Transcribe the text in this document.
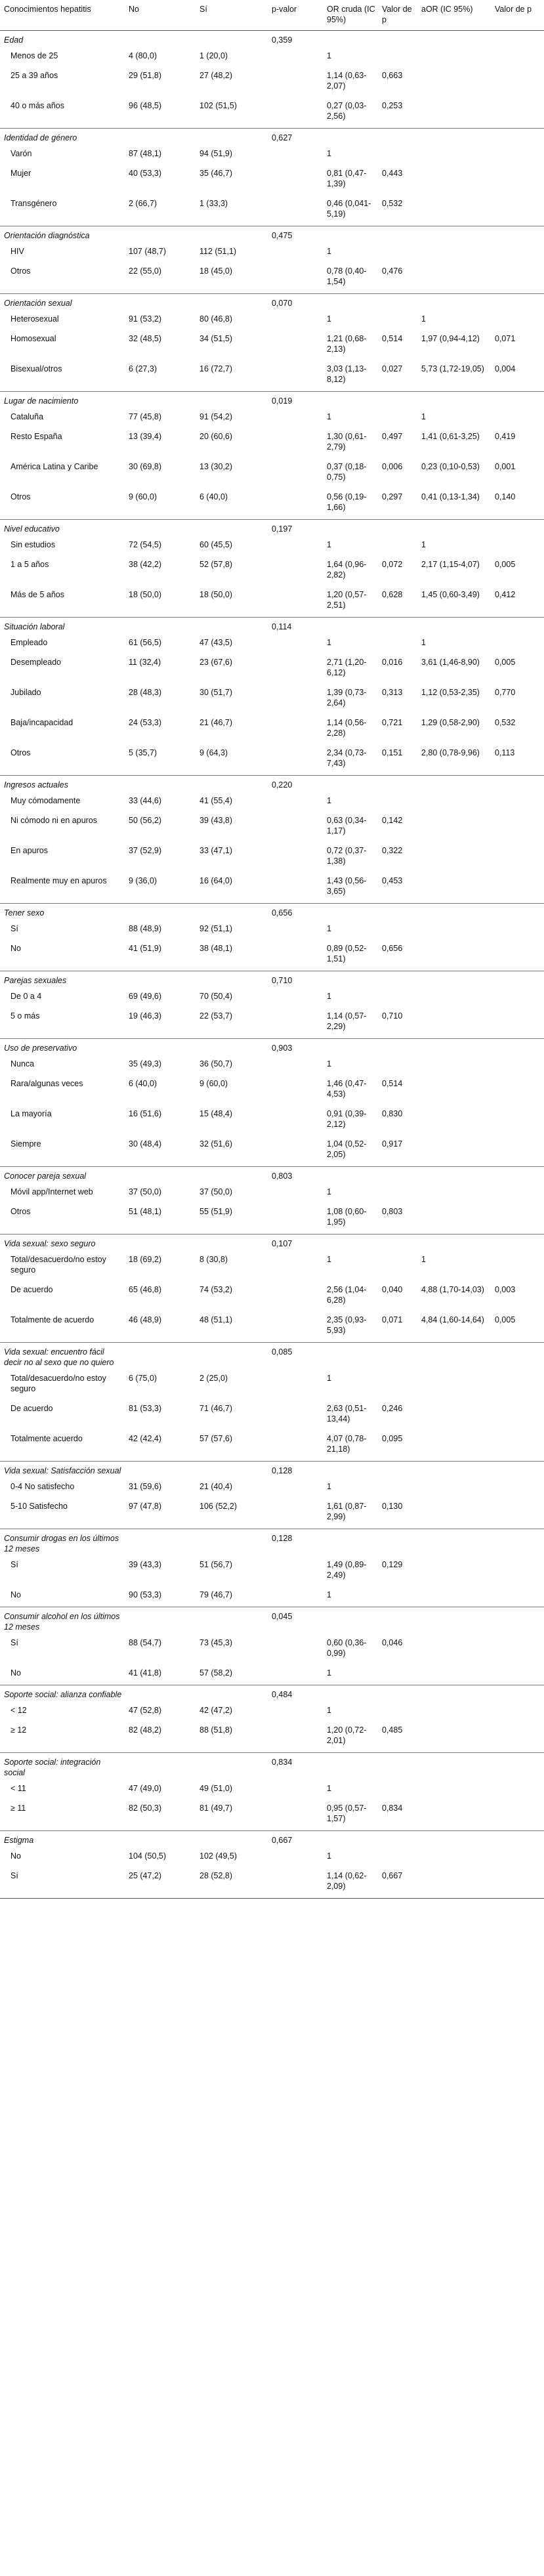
Conocimientos hepatitis	No	Sí	p-valor	OR cruda (IC 95%)	Valor de p	aOR (IC 95%)	Valor de p
Edad			0,359				
Menos de 25	4 (80,0)	1 (20,0)		1			
25 a 39 años	29 (51,8)	27 (48,2)		1,14 (0,63-2,07)	0,663		
40 o más años	96 (48,5)	102 (51,5)		0,27 (0,03-2,56)	0,253		
Identidad de género			0,627				
Varón	87 (48,1)	94 (51,9)		1			
Mujer	40 (53,3)	35 (46,7)		0,81 (0,47-1,39)	0,443		
Transgénero	2 (66,7)	1 (33,3)		0,46 (0,041-5,19)	0,532		
Orientación diagnóstica			0,475				
HIV	107 (48,7)	112 (51,1)		1			
Otros	22 (55,0)	18 (45,0)		0,78 (0,40-1,54)	0,476		
Orientación sexual			0,070				
Heterosexual	91 (53,2)	80 (46,8)		1		1	
Homosexual	32 (48,5)	34 (51,5)		1,21 (0,68-2,13)	0,514	1,97 (0,94-4,12)	0,071
Bisexual/otros	6 (27,3)	16 (72,7)		3,03 (1,13-8,12)	0,027	5,73 (1,72-19,05)	0,004
Lugar de nacimiento			0,019				
Cataluña	77 (45,8)	91 (54,2)		1		1	
Resto España	13 (39,4)	20 (60,6)		1,30 (0,61-2,79)	0,497	1,41 (0,61-3,25)	0,419
América Latina y Caribe	30 (69,8)	13 (30,2)		0,37 (0,18-0,75)	0,006	0,23 (0,10-0,53)	0,001
Otros	9 (60,0)	6 (40,0)		0,56 (0,19-1,66)	0,297	0,41 (0,13-1,34)	0,140
Nivel educativo			0,197				
Sin estudios	72 (54,5)	60 (45,5)		1		1	
1 a 5 años	38 (42,2)	52 (57,8)		1,64 (0,96-2,82)	0,072	2,17 (1,15-4,07)	0,005
Más de 5 años	18 (50,0)	18 (50,0)		1,20 (0,57-2,51)	0,628	1,45 (0,60-3,49)	0,412
Situación laboral			0,114				
Empleado	61 (56,5)	47 (43,5)		1		1	
Desempleado	11 (32,4)	23 (67,6)		2,71 (1,20-6,12)	0,016	3,61 (1,46-8,90)	0,005
Jubilado	28 (48,3)	30 (51,7)		1,39 (0,73-2,64)	0,313	1,12 (0,53-2,35)	0,770
Baja/incapacidad	24 (53,3)	21 (46,7)		1,14 (0,56-2,28)	0,721	1,29 (0,58-2,90)	0,532
Otros	5 (35,7)	9 (64,3)		2,34 (0,73-7,43)	0,151	2,80 (0,78-9,96)	0,113
Ingresos actuales			0,220				
Muy cómodamente	33 (44,6)	41 (55,4)		1			
Ni cómodo ni en apuros	50 (56,2)	39 (43,8)		0,63 (0,34-1,17)	0,142		
En apuros	37 (52,9)	33 (47,1)		0,72 (0,37-1,38)	0,322		
Realmente muy en apuros	9 (36,0)	16 (64,0)		1,43 (0,56-3,65)	0,453		
Tener sexo			0,656				
Sí	88 (48,9)	92 (51,1)		1			
No	41 (51,9)	38 (48,1)		0,89 (0,52-1,51)	0,656		
Parejas sexuales			0,710				
De 0 a 4	69 (49,6)	70 (50,4)		1			
5 o más	19 (46,3)	22 (53,7)		1,14 (0,57-2,29)	0,710		
Uso de preservativo			0,903				
Nunca	35 (49,3)	36 (50,7)		1			
Rara/algunas veces	6 (40,0)	9 (60,0)		1,46 (0,47-4,53)	0,514		
La mayoría	16 (51,6)	15 (48,4)		0,91 (0,39-2,12)	0,830		
Siempre	30 (48,4)	32 (51,6)		1,04 (0,52-2,05)	0,917		
Conocer pareja sexual			0,803				
Móvil app/Internet web	37 (50,0)	37 (50,0)		1			
Otros	51 (48,1)	55 (51,9)		1,08 (0,60-1,95)	0,803		
Vida sexual: sexo seguro			0,107				
Total/desacuerdo/no estoy seguro	18 (69,2)	8 (30,8)		1		1	
De acuerdo	65 (46,8)	74 (53,2)		2,56 (1,04-6,28)	0,040	4,88 (1,70-14,03)	0,003
Totalmente de acuerdo	46 (48,9)	48 (51,1)		2,35 (0,93-5,93)	0,071	4,84 (1,60-14,64)	0,005
Vida sexual: encuentro fácil decir no al sexo que no quiero			0,085				
Total/desacuerdo/no estoy seguro	6 (75,0)	2 (25,0)		1			
De acuerdo	81 (53,3)	71 (46,7)		2,63 (0,51-13,44)	0,246		
Totalmente acuerdo	42 (42,4)	57 (57,6)		4,07 (0,78-21,18)	0,095		
Vida sexual: Satisfacción sexual			0,128				
0-4 No satisfecho	31 (59,6)	21 (40,4)		1			
5-10 Satisfecho	97 (47,8)	106 (52,2)		1,61 (0,87-2,99)	0,130		
Consumir drogas en los últimos 12 meses			0,128				
Sí	39 (43,3)	51 (56,7)		1,49 (0,89-2,49)	0,129		
No	90 (53,3)	79 (46,7)		1			
Consumir alcohol en los últimos 12 meses			0,045				
Sí	88 (54,7)	73 (45,3)		0,60 (0,36-0,99)	0,046		
No	41 (41,8)	57 (58,2)		1			
Soporte social: alianza confiable			0,484				
< 12	47 (52,8)	42 (47,2)		1			
≥ 12	82 (48,2)	88 (51,8)		1,20 (0,72-2,01)	0,485		
Soporte social: integración social			0,834				
< 11	47 (49,0)	49 (51,0)		1			
≥ 11	82 (50,3)	81 (49,7)		0,95 (0,57-1,57)	0,834		
Estigma			0,667				
No	104 (50,5)	102 (49,5)		1			
Sí	25 (47,2)	28 (52,8)		1,14 (0,62-2,09)	0,667		
